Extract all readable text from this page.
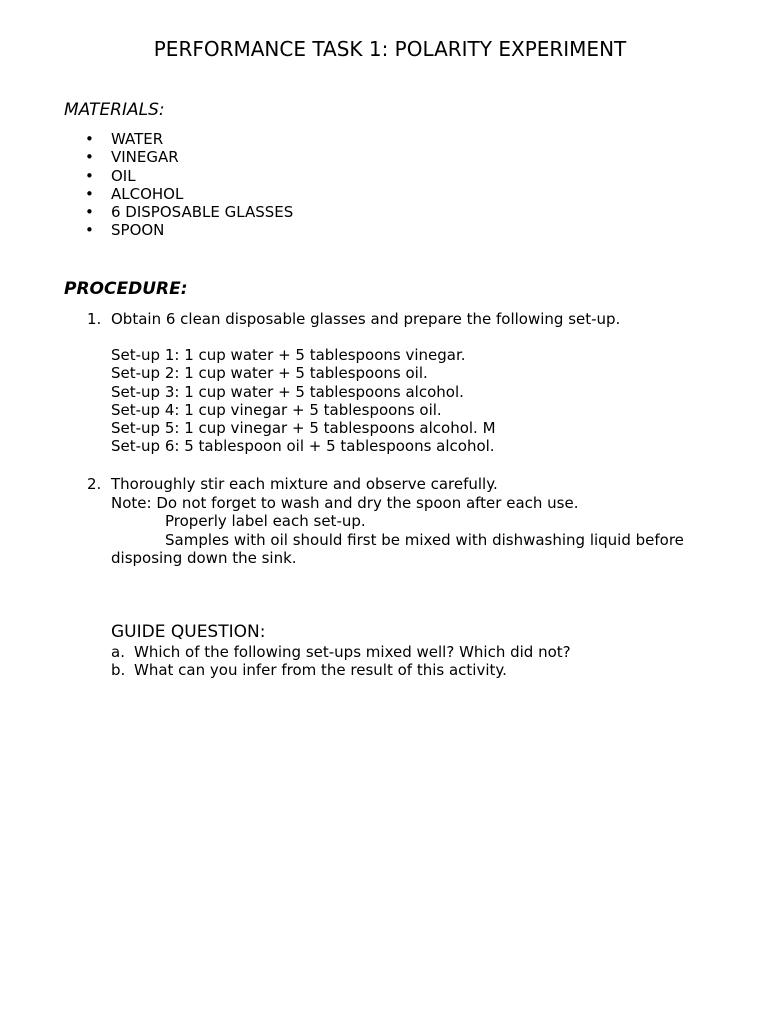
PERFORMANCE TASK 1: POLARITY EXPERIMENT
MATERIALS:
• WATER
• VINEGAR
• OIL
• ALCOHOL
• 6 DISPOSABLE GLASSES
• SPOON
PROCEDURE:
1. Obtain 6 clean disposable glasses and prepare the following set-up.
Set-up 1: 1 cup water + 5 tablespoons vinegar.
Set-up 2: 1 cup water + 5 tablespoons oil.
Set-up 3: 1 cup water + 5 tablespoons alcohol.
Set-up 4: 1 cup vinegar + 5 tablespoons oil.
Set-up 5: 1 cup vinegar + 5 tablespoons alcohol. M
Set-up 6: 5 tablespoon oil + 5 tablespoons alcohol.
2. Thoroughly stir each mixture and observe carefully.
Note: Do not forget to wash and dry the spoon after each use.
Properly label each set-up.
Samples with oil should first be mixed with dishwashing liquid before
disposing down the sink.
GUIDE QUESTION:
a. Which of the following set-ups mixed well? Which did not?
b. What can you infer from the result of this activity.
